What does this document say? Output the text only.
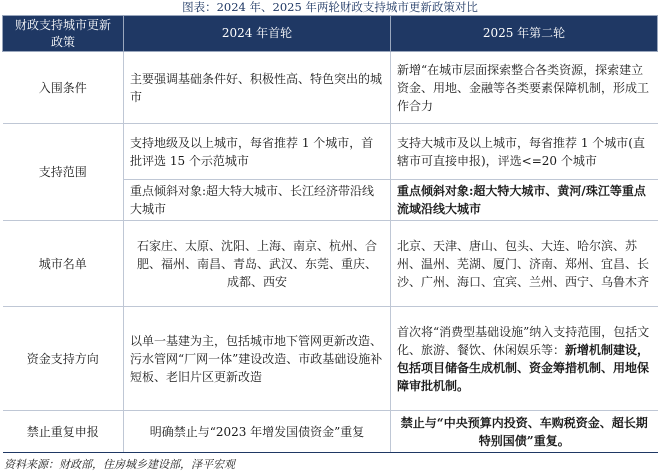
图表：2024 年、2025 年两轮财政支持城市更新政策对比
财政支持城市更新政策	2024 年首轮	2025 年第二轮
入围条件	主要强调基础条件好、积极性高、特色突出的城市	新增“在城市层面探索整合各类资源，探索建立资金、用地、金融等各类要素保障机制，形成工作合力
支持范围	支持地级及以上城市，每省推荐 1 个城市，首批评选 15 个示范城市	支持大城市及以上城市，每省推荐 1 个城市(直辖市可直接申报)，评选<=20 个城市
	重点倾斜对象:超大特大城市、长江经济带沿线大城市	重点倾斜对象:超大特大城市、黄河/珠江等重点流域沿线大城市
城市名单	石家庄、太原、沈阳、上海、南京、杭州、合肥、福州、南昌、青岛、武汉、东莞、重庆、成都、西安	北京、天津、唐山、包头、大连、哈尔滨、苏州、温州、芜湖、厦门、济南、郑州、宜昌、长沙、广州、海口、宜宾、兰州、西宁、乌鲁木齐
资金支持方向	以单一基建为主，包括城市地下管网更新改造、污水管网“厂网一体”建设改造、市政基础设施补短板、老旧片区更新改造	首次将“消费型基础设施”纳入支持范围，包括文化、旅游、餐饮、休闲娱乐等：新增机制建设，包括项目储备生成机制、资金筹措机制、用地保障审批机制。
禁止重复申报	明确禁止与“2023 年增发国债资金”重复	禁止与“中央预算内投资、车购税资金、超长期特别国债”重复。
资料来源：财政部，住房城乡建设部，泽平宏观
